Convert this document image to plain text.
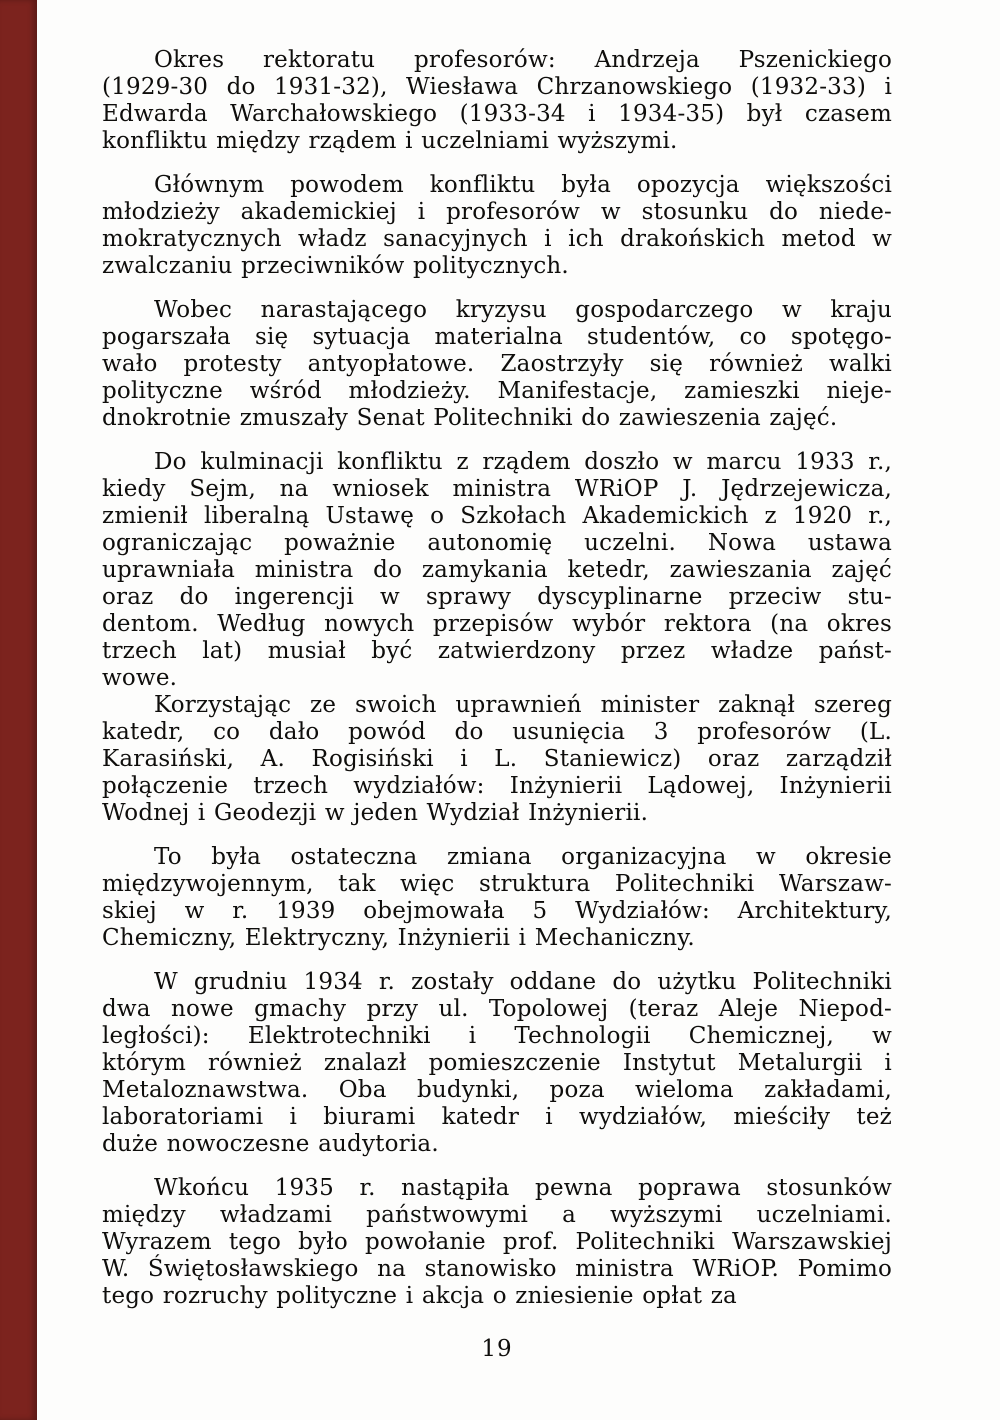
Okres rektoratu profesorów: Andrzeja Pszenickiego
(1929-30 do 1931-32), Wiesława Chrzanowskiego (1932-33) i
Edwarda Warchałowskiego (1933-34 i 1934-35) był czasem
konfliktu między rządem i uczelniami wyższymi.
Głównym powodem konfliktu była opozycja większości
młodzieży akademickiej i profesorów w stosunku do niede-
mokratycznych władz sanacyjnych i ich drakońskich metod w
zwalczaniu przeciwników politycznych.
Wobec narastającego kryzysu gospodarczego w kraju
pogarszała się sytuacja materialna studentów, co spotęgo-
wało protesty antyopłatowe. Zaostrzyły się również walki
polityczne wśród młodzieży. Manifestacje, zamieszki nieje-
dnokrotnie zmuszały Senat Politechniki do zawieszenia zajęć.
Do kulminacji konfliktu z rządem doszło w marcu 1933 r.,
kiedy Sejm, na wniosek ministra WRiOP J. Jędrzejewicza,
zmienił liberalną Ustawę o Szkołach Akademickich z 1920 r.,
ograniczając poważnie autonomię uczelni. Nowa ustawa
uprawniała ministra do zamykania ketedr, zawieszania zajęć
oraz do ingerencji w sprawy dyscyplinarne przeciw stu-
dentom. Według nowych przepisów wybór rektora (na okres
trzech lat) musiał być zatwierdzony przez władze państ-
wowe.
Korzystając ze swoich uprawnień minister zaknął szereg
katedr, co dało powód do usunięcia 3 profesorów (L.
Karasiński, A. Rogisiński i L. Staniewicz) oraz zarządził
połączenie trzech wydziałów: Inżynierii Lądowej, Inżynierii
Wodnej i Geodezji w jeden Wydział Inżynierii.
To była ostateczna zmiana organizacyjna w okresie
międzywojennym, tak więc struktura Politechniki Warszaw-
skiej w r. 1939 obejmowała 5 Wydziałów: Architektury,
Chemiczny, Elektryczny, Inżynierii i Mechaniczny.
W grudniu 1934 r. zostały oddane do użytku Politechniki
dwa nowe gmachy przy ul. Topolowej (teraz Aleje Niepod-
ległości): Elektrotechniki i Technologii Chemicznej, w
którym również znalazł pomieszczenie Instytut Metalurgii i
Metaloznawstwa. Oba budynki, poza wieloma zakładami,
laboratoriami i biurami katedr i wydziałów, mieściły też
duże nowoczesne audytoria.
Wkońcu 1935 r. nastąpiła pewna poprawa stosunków
między władzami państwowymi a wyższymi uczelniami.
Wyrazem tego było powołanie prof. Politechniki Warszawskiej
W. Świętosławskiego na stanowisko ministra WRiOP. Pomimo
tego rozruchy polityczne i akcja o zniesienie opłat za
19
